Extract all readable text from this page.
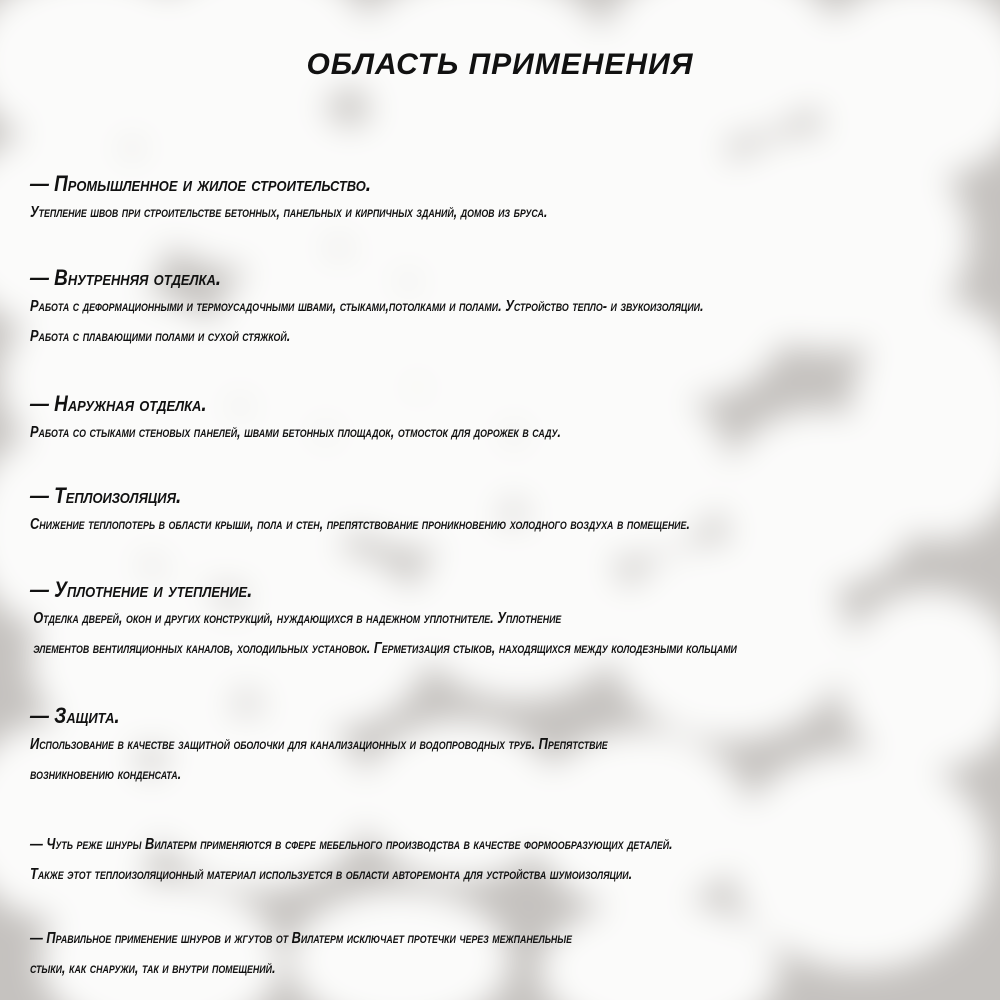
ОБЛАСТЬ ПРИМЕНЕНИЯ

— Промышленное и жилое строительство.

Утепление швов при строительстве бетонных, панельных и кирпичных зданий, домов из бруса.

— Внутренняя отделка.

Работа с деформационными и термоусадочными швами, стыками,потолками и полами. Устройство тепло- и звукоизоляции.

Работа с плавающими полами и сухой стяжкой.

— Наружная отделка.

Работа со стыками стеновых панелей, швами бетонных площадок, отмосток для дорожек в саду.

— Теплоизоляция.

Снижение теплопотерь в области крыши, пола и стен, препятствование проникновению холодного воздуха в помещение.

— Уплотнение и утепление.

Отделка дверей, окон и других конструкций, нуждающихся в надежном уплотнителе. Уплотнение

элементов вентиляционных каналов, холодильных установок. Герметизация стыков, находящихся между колодезными кольцами

— Защита.

Использование в качестве защитной оболочки для канализационных и водопроводных труб. Препятствие

возникновению конденсата.

— Чуть реже шнуры Вилатерм применяются в сфере мебельного производства в качестве формообразующих деталей.

Также этот теплоизоляционный материал используется в области авторемонта для устройства шумоизоляции.

— Правильное применение шнуров и жгутов от Вилатерм исключает протечки через межпанельные

стыки, как снаружи, так и внутри помещений.
